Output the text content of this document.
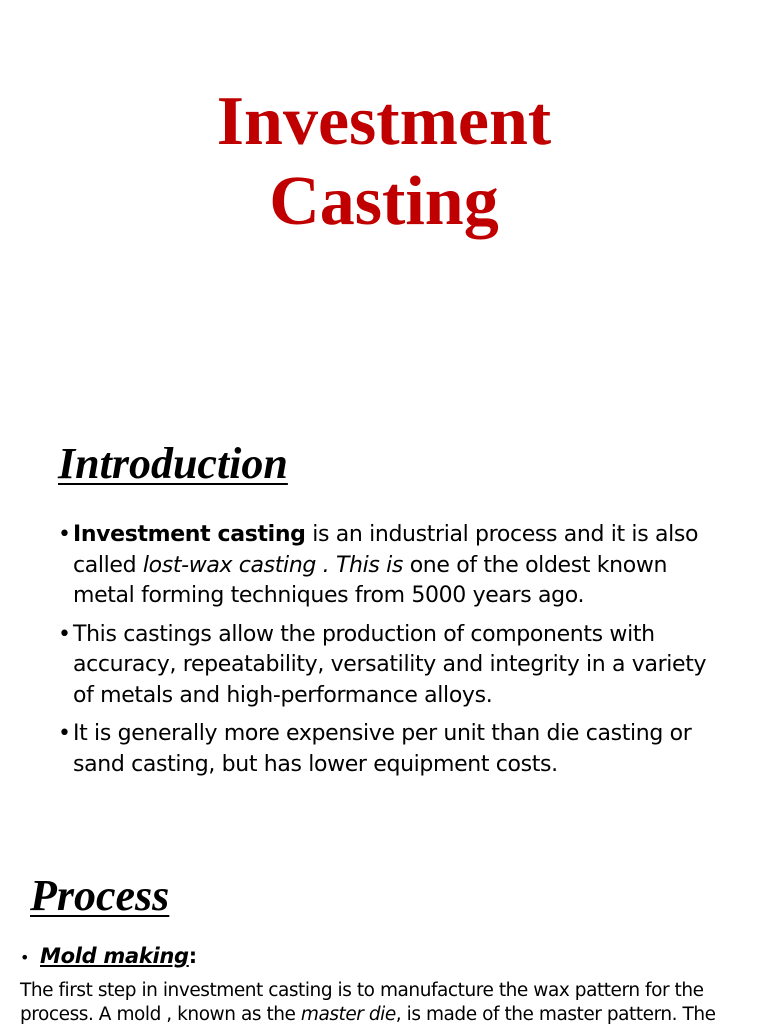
Investment
Casting
Introduction
• Investment casting is an industrial process and it is also called lost-wax casting . This is one of the oldest known metal forming techniques from 5000 years ago.
• This castings allow the production of components with accuracy, repeatability, versatility and integrity in a variety of metals and high-performance alloys.
• It is generally more expensive per unit than die casting or sand casting, but has lower equipment costs.
Process
• Mold making:
The first step in investment casting is to manufacture the wax pattern for the
process. A mold , known as the master die, is made of the master pattern. The
